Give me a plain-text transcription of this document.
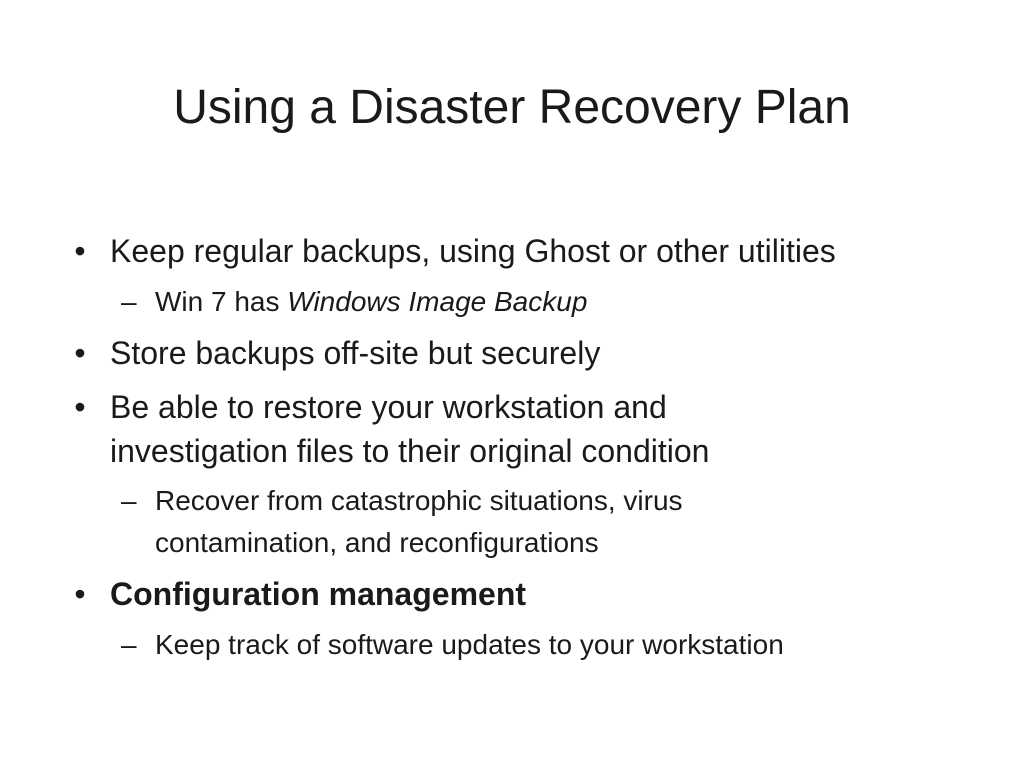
Using a Disaster Recovery Plan
• Keep regular backups, using Ghost or other utilities
– Win 7 has Windows Image Backup
• Store backups off-site but securely
• Be able to restore your workstation and
investigation files to their original condition
– Recover from catastrophic situations, virus
contamination, and reconfigurations
• Configuration management
– Keep track of software updates to your workstation
